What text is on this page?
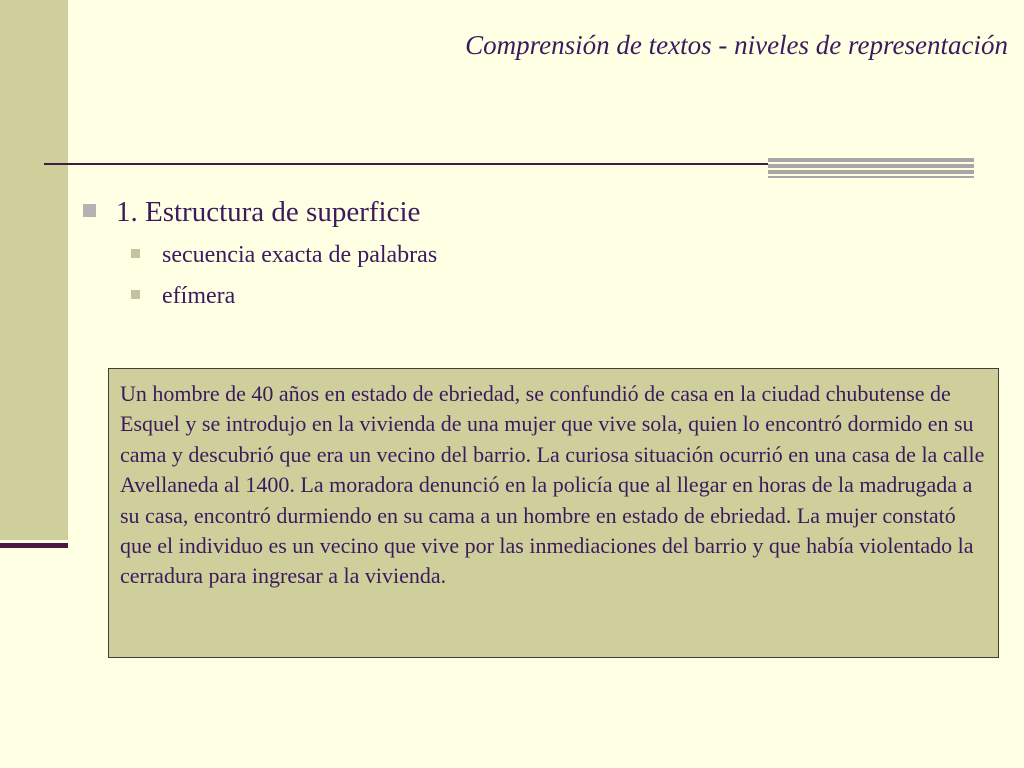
Comprensión de textos - niveles de representación
1. Estructura de superficie
secuencia exacta de palabras
efímera
Un hombre de 40 años en estado de ebriedad, se confundió de casa en la ciudad chubutense de Esquel y se introdujo en la vivienda de una mujer que vive sola, quien lo encontró dormido en su cama y descubrió que era un vecino del barrio. La curiosa situación ocurrió en una casa de la calle Avellaneda al 1400. La moradora denunció en la policía que al llegar en horas de la madrugada a su casa, encontró durmiendo en su cama a un hombre en estado de ebriedad. La mujer constató que el individuo es un vecino que vive por las inmediaciones del barrio y que había violentado la cerradura para ingresar a la vivienda.
